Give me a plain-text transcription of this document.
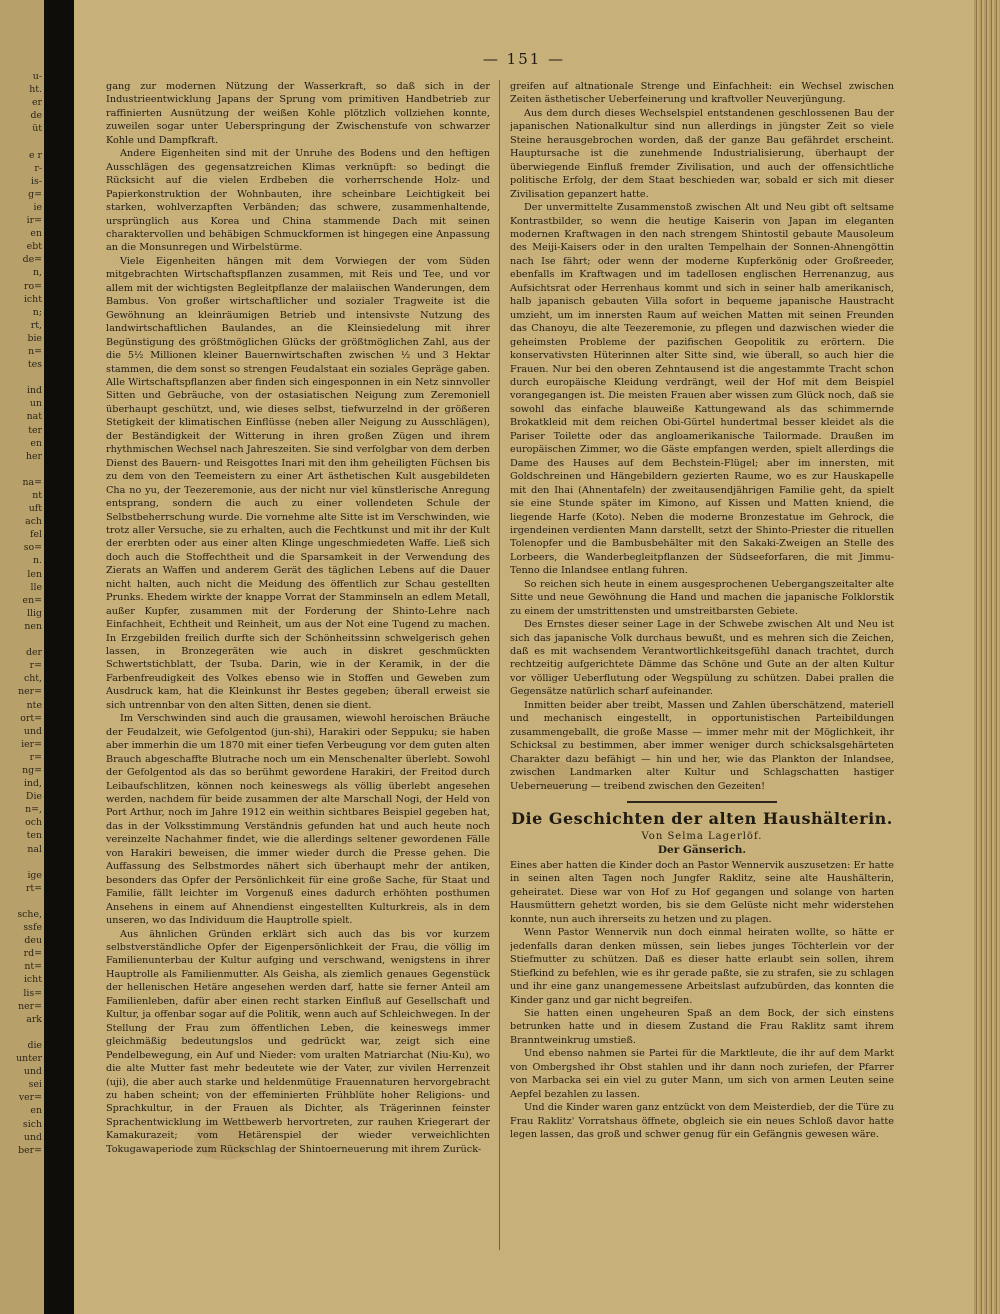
u-
ht.
er
de
üt

e r
r-
is-
g=
ie
ir=
en
ebt
de=
n,
ro=
icht
n;
rt,
bie
n=
tes

ind
un
nat
ter
en
her

na=
nt
uft
ach
fel
so=
n.
len
lle
en=
llig
nen

der
r=
cht,
ner=
nte
ort=
und
ier=
r=
ng=
ind,
Die
n=,
och
ten
nal

ige
rt=

sche,
ssfe
deu
rd=
nt=
icht
lis=
ner=
ark

die
unter
und
sei
ver=
en
sich
und
ber=
— 151 —

gang zur modernen Nützung der Wasserkraft, so daß sich in der Industrieentwicklung Japans der Sprung vom primitiven Handbetrieb zur raffinierten Ausnützung der weißen Kohle plötzlich vollziehen konnte, zuweilen sogar unter Ueberspringung der Zwischenstufe von schwarzer Kohle und Dampfkraft.

Andere Eigenheiten sind mit der Unruhe des Bodens und den heftigen Ausschlägen des gegensatzreichen Klimas verknüpft: so bedingt die Rücksicht auf die vielen Erdbeben die vorherrschende Holz- und Papierkonstruktion der Wohnbauten, ihre scheinbare Leichtigkeit bei starken, wohlverzapften Verbänden; das schwere, zusammenhaltende, ursprünglich aus Korea und China stammende Dach mit seinen charaktervollen und behäbigen Schmuckformen ist hingegen eine Anpassung an die Monsunregen und Wirbelstürme.

Viele Eigenheiten hängen mit dem Vorwiegen der vom Süden mitgebrachten Wirtschaftspflanzen zusammen, mit Reis und Tee, und vor allem mit der wichtigsten Begleitpflanze der malaiischen Wanderungen, dem Bambus. Von großer wirtschaftlicher und sozialer Tragweite ist die Gewöhnung an kleinräumigen Betrieb und intensivste Nutzung des landwirtschaftlichen Baulandes, an die Kleinsiedelung mit ihrer Begünstigung des größtmöglichen Glücks der größtmöglichen Zahl, aus der die 5½ Millionen kleiner Bauernwirtschaften zwischen ½ und 3 Hektar stammen, die dem sonst so strengen Feudalstaat ein soziales Gepräge gaben. Alle Wirtschaftspflanzen aber finden sich eingesponnen in ein Netz sinnvoller Sitten und Gebräuche, von der ostasiatischen Neigung zum Zeremoniell überhaupt geschützt, und, wie dieses selbst, tiefwurzelnd in der größeren Stetigkeit der klimatischen Einflüsse (neben aller Neigung zu Ausschlägen), der Beständigkeit der Witterung in ihren großen Zügen und ihrem rhythmischen Wechsel nach Jahreszeiten. Sie sind verfolgbar von dem derben Dienst des Bauern- und Reisgottes Inari mit den ihm geheiligten Füchsen bis zu dem von den Teemeistern zu einer Art ästhetischen Kult ausgebildeten Cha no yu, der Teezeremonie, aus der nicht nur viel künstlerische Anregung entsprang, sondern die auch zu einer vollendeten Schule der Selbstbeherrschung wurde. Die vornehme alte Sitte ist im Verschwinden, wie trotz aller Versuche, sie zu erhalten, auch die Fechtkunst und mit ihr der Kult der ererbten oder aus einer alten Klinge ungeschmiedeten Waffe. Ließ sich doch auch die Stoffechtheit und die Sparsamkeit in der Verwendung des Zierats an Waffen und anderem Gerät des täglichen Lebens auf die Dauer nicht halten, auch nicht die Meidung des öffentlich zur Schau gestellten Prunks. Ehedem wirkte der knappe Vorrat der Stamminseln an edlem Metall, außer Kupfer, zusammen mit der Forderung der Shinto-Lehre nach Einfachheit, Echtheit und Reinheit, um aus der Not eine Tugend zu machen. In Erzgebilden freilich durfte sich der Schönheitssinn schwelgerisch gehen lassen, in Bronzegeräten wie auch in diskret geschmückten Schwertstichblatt, der Tsuba. Darin, wie in der Keramik, in der die Farbenfreudigkeit des Volkes ebenso wie in Stoffen und Geweben zum Ausdruck kam, hat die Kleinkunst ihr Bestes gegeben; überall erweist sie sich untrennbar von den alten Sitten, denen sie dient.

Im Verschwinden sind auch die grausamen, wiewohl heroischen Bräuche der Feudalzeit, wie Gefolgentod (jun-shi), Harakiri oder Seppuku; sie haben aber immerhin die um 1870 mit einer tiefen Verbeugung vor dem guten alten Brauch abgeschaffte Blutrache noch um ein Menschenalter überlebt. Sowohl der Gefolgentod als das so berühmt gewordene Harakiri, der Freitod durch Leibaufschlitzen, können noch keineswegs als völlig überlebt angesehen werden, nachdem für beide zusammen der alte Marschall Nogi, der Held von Port Arthur, noch im Jahre 1912 ein weithin sichtbares Beispiel gegeben hat, das in der Volksstimmung Verständnis gefunden hat und auch heute noch vereinzelte Nachahmer findet, wie die allerdings seltener gewordenen Fälle von Harakiri beweisen, die immer wieder durch die Presse gehen. Die Auffassung des Selbstmordes nähert sich überhaupt mehr der antiken, besonders das Opfer der Persönlichkeit für eine große Sache, für Staat und Familie, fällt leichter im Vorgenuß eines dadurch erhöhten posthumen Ansehens in einem auf Ahnendienst eingestellten Kulturkreis, als in dem unseren, wo das Individuum die Hauptrolle spielt.

Aus ähnlichen Gründen erklärt sich auch das bis vor kurzem selbstverständliche Opfer der Eigenpersönlichkeit der Frau, die völlig im Familienunterbau der Kultur aufging und verschwand, wenigstens in ihrer Hauptrolle als Familienmutter. Als Geisha, als ziemlich genaues Gegenstück der hellenischen Hetäre angesehen werden darf, hatte sie ferner Anteil am Familienleben, dafür aber einen recht starken Einfluß auf Gesellschaft und Kultur, ja offenbar sogar auf die Politik, wenn auch auf Schleichwegen. In der Stellung der Frau zum öffentlichen Leben, die keineswegs immer gleichmäßig bedeutungslos und gedrückt war, zeigt sich eine Pendelbewegung, ein Auf und Nieder: vom uralten Matriarchat (Niu-Ku), wo die alte Mutter fast mehr bedeutete wie der Vater, zur vivilen Herrenzeit (uji), die aber auch starke und heldenmütige Frauennaturen hervorgebracht zu haben scheint; von der effeminierten Frühblüte hoher Religions- und Sprachkultur, in der Frauen als Dichter, als Trägerinnen feinster Sprachentwicklung im Wettbewerb hervortreten, zur rauhen Kriegerart der Kamakurazeit; vom Hetärenspiel der wieder verweichlichten Tokugawaperiode zum Rückschlag der Shintoerneuerung mit ihrem Zurück-

greifen auf altnationale Strenge und Einfachheit: ein Wechsel zwischen Zeiten ästhetischer Ueberfeinerung und kraftvoller Neuverjüngung.

Aus dem durch dieses Wechselspiel entstandenen geschlossenen Bau der japanischen Nationalkultur sind nun allerdings in jüngster Zeit so viele Steine herausgebrochen worden, daß der ganze Bau gefährdet erscheint. Hauptursache ist die zunehmende Industrialisierung, überhaupt der überwiegende Einfluß fremder Zivilisation, und auch der offensichtliche politische Erfolg, der dem Staat beschieden war, sobald er sich mit dieser Zivilisation gepanzert hatte.

Der unvermittelte Zusammenstoß zwischen Alt und Neu gibt oft seltsame Kontrastbilder, so wenn die heutige Kaiserin von Japan im eleganten modernen Kraftwagen in den nach strengem Shintostil gebaute Mausoleum des Meiji-Kaisers oder in den uralten Tempelhain der Sonnen-Ahnengöttin nach Ise fährt; oder wenn der moderne Kupferkönig oder Großreeder, ebenfalls im Kraftwagen und im tadellosen englischen Herrenanzug, aus Aufsichtsrat oder Herrenhaus kommt und sich in seiner halb amerikanisch, halb japanisch gebauten Villa sofort in bequeme japanische Haustracht umzieht, um im innersten Raum auf weichen Matten mit seinen Freunden das Chanoyu, die alte Teezeremonie, zu pflegen und dazwischen wieder die geheimsten Probleme der pazifischen Geopolitik zu erörtern. Die konservativsten Hüterinnen alter Sitte sind, wie überall, so auch hier die Frauen. Nur bei den oberen Zehntausend ist die angestammte Tracht schon durch europäische Kleidung verdrängt, weil der Hof mit dem Beispiel vorangegangen ist. Die meisten Frauen aber wissen zum Glück noch, daß sie sowohl das einfache blauweiße Kattungewand als das schimmernde Brokatkleid mit dem reichen Obi-Gürtel hundertmal besser kleidet als die Pariser Toilette oder das angloamerikanische Tailormade. Draußen im europäischen Zimmer, wo die Gäste empfangen werden, spielt allerdings die Dame des Hauses auf dem Bechstein-Flügel; aber im innersten, mit Goldschreinen und Hängebildern gezierten Raume, wo es zur Hauskapelle mit den Ihai (Ahnentafeln) der zweitausendjährigen Familie geht, da spielt sie eine Stunde später im Kimono, auf Kissen und Matten kniend, die liegende Harfe (Koto). Neben die moderne Bronzestatue im Gehrock, die irgendeinen verdienten Mann darstellt, setzt der Shinto-Priester die rituellen Tolenopfer und die Bambusbehälter mit den Sakaki-Zweigen an Stelle des Lorbeers, die Wanderbegleitpflanzen der Südseeforfaren, die mit Jimmu-Tenno die Inlandsee entlang fuhren.

So reichen sich heute in einem ausgesprochenen Uebergangszeitalter alte Sitte und neue Gewöhnung die Hand und machen die japanische Folklorstik zu einem der umstrittensten und umstreitbarsten Gebiete.

Des Ernstes dieser seiner Lage in der Schwebe zwischen Alt und Neu ist sich das japanische Volk durchaus bewußt, und es mehren sich die Zeichen, daß es mit wachsendem Verantwortlichkeitsgefühl danach trachtet, durch rechtzeitig aufgerichtete Dämme das Schöne und Gute an der alten Kultur vor völliger Ueberflutung oder Wegspülung zu schützen. Dabei prallen die Gegensätze natürlich scharf aufeinander.

Inmitten beider aber treibt, Massen und Zahlen überschätzend, materiell und mechanisch eingestellt, in opportunistischen Parteibildungen zusammengeballt, die große Masse — immer mehr mit der Möglichkeit, ihr Schicksal zu bestimmen, aber immer weniger durch schicksalsgehärteten Charakter dazu befähigt — hin und her, wie das Plankton der Inlandsee, zwischen Landmarken alter Kultur und Schlagschatten hastiger Ueberneuerung — treibend zwischen den Gezeiten!

Die Geschichten der alten Haushälterin.
Von Selma Lagerlöf.
Der Gänserich.

Eines aber hatten die Kinder doch an Pastor Wennervik auszusetzen: Er hatte in seinen alten Tagen noch Jungfer Raklitz, seine alte Haushälterin, geheiratet. Diese war von Hof zu Hof gegangen und solange von harten Hausmüttern gehetzt worden, bis sie dem Gelüste nicht mehr widerstehen konnte, nun auch ihrerseits zu hetzen und zu plagen.

Wenn Pastor Wennervik nun doch einmal heiraten wollte, so hätte er jedenfalls daran denken müssen, sein liebes junges Töchterlein vor der Stiefmutter zu schützen. Daß es dieser hatte erlaubt sein sollen, ihrem Stiefkind zu befehlen, wie es ihr gerade paßte, sie zu strafen, sie zu schlagen und ihr eine ganz unangemessene Arbeitslast aufzubürden, das konnten die Kinder ganz und gar nicht begreifen.

Sie hatten einen ungeheuren Spaß an dem Bock, der sich einstens betrunken hatte und in diesem Zustand die Frau Raklitz samt ihrem Branntweinkrug umstieß.

Und ebenso nahmen sie Partei für die Marktleute, die ihr auf dem Markt von Ombergshed ihr Obst stahlen und ihr dann noch zuriefen, der Pfarrer von Marbacka sei ein viel zu guter Mann, um sich von armen Leuten seine Aepfel bezahlen zu lassen.

Und die Kinder waren ganz entzückt von dem Meisterdieb, der die Türe zu Frau Raklitz' Vorratshaus öffnete, obgleich sie ein neues Schloß davor hatte legen lassen, das groß und schwer genug für ein Gefängnis gewesen wäre.
